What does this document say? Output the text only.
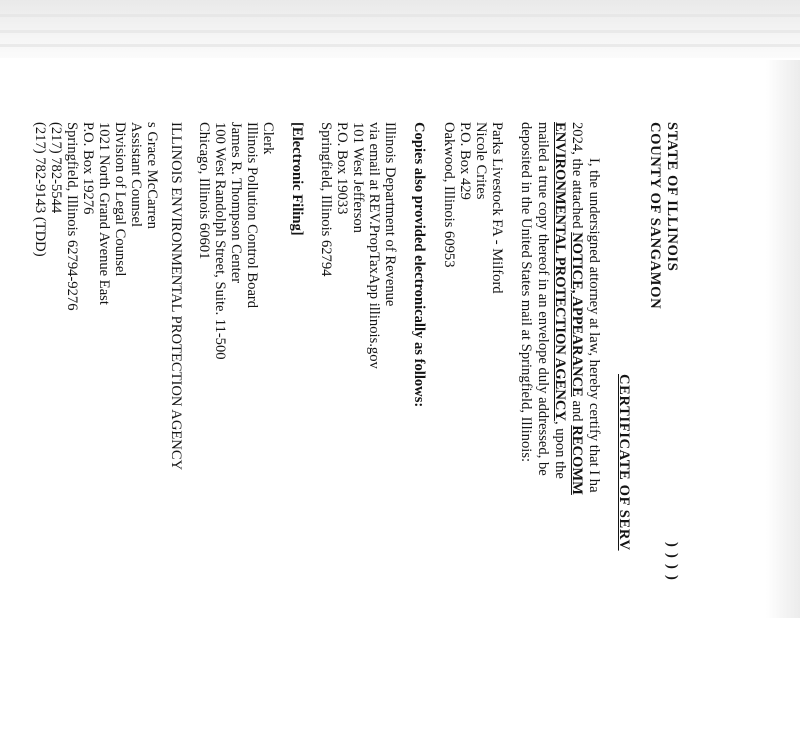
STATE OF ILLINOIS
COUNTY OF SANGAMON
)
)
)
)
CERTIFICATE OF SERV
I, the undersigned attorney at law, hereby certify that I ha
2024, the attached NOTICE, APPEARANCE and RECOMM
ENVIRONMENTAL PROTECTION AGENCY, upon the
mailed a true copy thereof in an envelope duly addressed, be
deposited in the United States mail at Springfield, Illinois:
Parks Livestock FA - Milford
Nicole Crites
P.O. Box 429
Oakwood, Illinois 60953
Copies also provided electronically as follows:
Illinois Department of Revenue
via email at REV.PropTaxApp illinois.gov
101 West Jefferson
P.O. Box 19033
Springfield, Illinois 62794
[Electronic Filing]
Clerk
Illinois Pollution Control Board
James R. Thompson Center
100 West Randolph Street, Suite. 11-500
Chicago, Illinois 60601
ILLINOIS ENVIRONMENTAL PROTECTION AGENCY
s Grace McCarren
Assistant Counsel
Division of Legal Counsel
1021 North Grand Avenue East
P.O. Box 19276
Springfield, Illinois 62794-9276
(217) 782-5544
(217) 782-9143 (TDD)
